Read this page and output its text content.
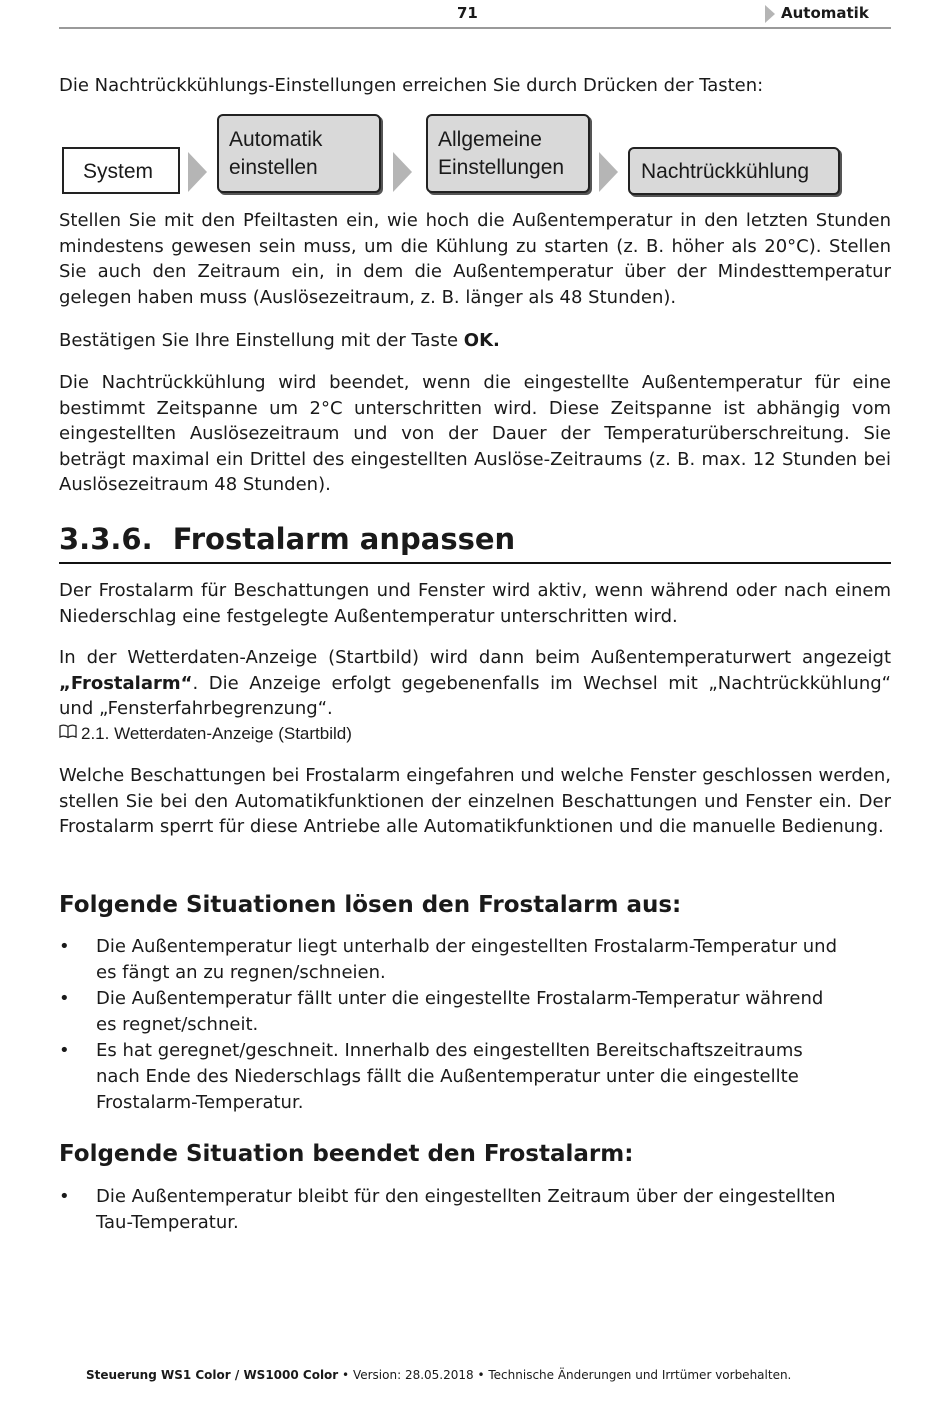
71	Automatik

Die Nachtrückkühlungs-Einstellungen erreichen Sie durch Drücken der Tasten:

System
Automatik
einstellen
Allgemeine
Einstellungen	Nachtrückkühlung

Stellen Sie mit den Pfeiltasten ein, wie hoch die Außentemperatur in den letzten Stunden mindestens gewesen sein muss, um die Kühlung zu starten (z. B. höher als 20°C). Stellen Sie auch den Zeitraum ein, in dem die Außentemperatur über der Mindesttemperatur gelegen haben muss (Auslösezeitraum, z. B. länger als 48 Stunden).

Bestätigen Sie Ihre Einstellung mit der Taste OK.

Die Nachtrückkühlung wird beendet, wenn die eingestellte Außentemperatur für eine bestimmt Zeitspanne um 2°C unterschritten wird. Diese Zeitspanne ist abhängig vom eingestellten Auslösezeitraum und von der Dauer der Temperaturüberschreitung. Sie beträgt maximal ein Drittel des eingestellten Auslöse-Zeitraums (z. B. max. 12 Stunden bei Auslösezeitraum 48 Stunden).

3.3.6. Frostalarm anpassen

Der Frostalarm für Beschattungen und Fenster wird aktiv, wenn während oder nach einem Niederschlag eine festgelegte Außentemperatur unterschritten wird.

In der Wetterdaten-Anzeige (Startbild) wird dann beim Außentemperaturwert angezeigt „Frostalarm“. Die Anzeige erfolgt gegebenenfalls im Wechsel mit „Nachtrückkühlung“ und „Fensterfahrbegrenzung“.

2.1. Wetterdaten-Anzeige (Startbild)

Welche Beschattungen bei Frostalarm eingefahren und welche Fenster geschlossen werden, stellen Sie bei den Automatikfunktionen der einzelnen Beschattungen und Fenster ein. Der Frostalarm sperrt für diese Antriebe alle Automatikfunktionen und die manuelle Bedienung.

Folgende Situationen lösen den Frostalarm aus:
• Die Außentemperatur liegt unterhalb der eingestellten Frostalarm-Temperatur und es fängt an zu regnen/schneien.
• Die Außentemperatur fällt unter die eingestellte Frostalarm-Temperatur während es regnet/schneit.
• Es hat geregnet/geschneit. Innerhalb des eingestellten Bereitschaftszeitraums nach Ende des Niederschlags fällt die Außentemperatur unter die eingestellte Frostalarm-Temperatur.
Folgende Situation beendet den Frostalarm:
• Die Außentemperatur bleibt für den eingestellten Zeitraum über der eingestellten Tau-Temperatur.
Steuerung WS1 Color / WS1000 Color • Version: 28.05.2018 • Technische Änderungen und Irrtümer vorbehalten.
